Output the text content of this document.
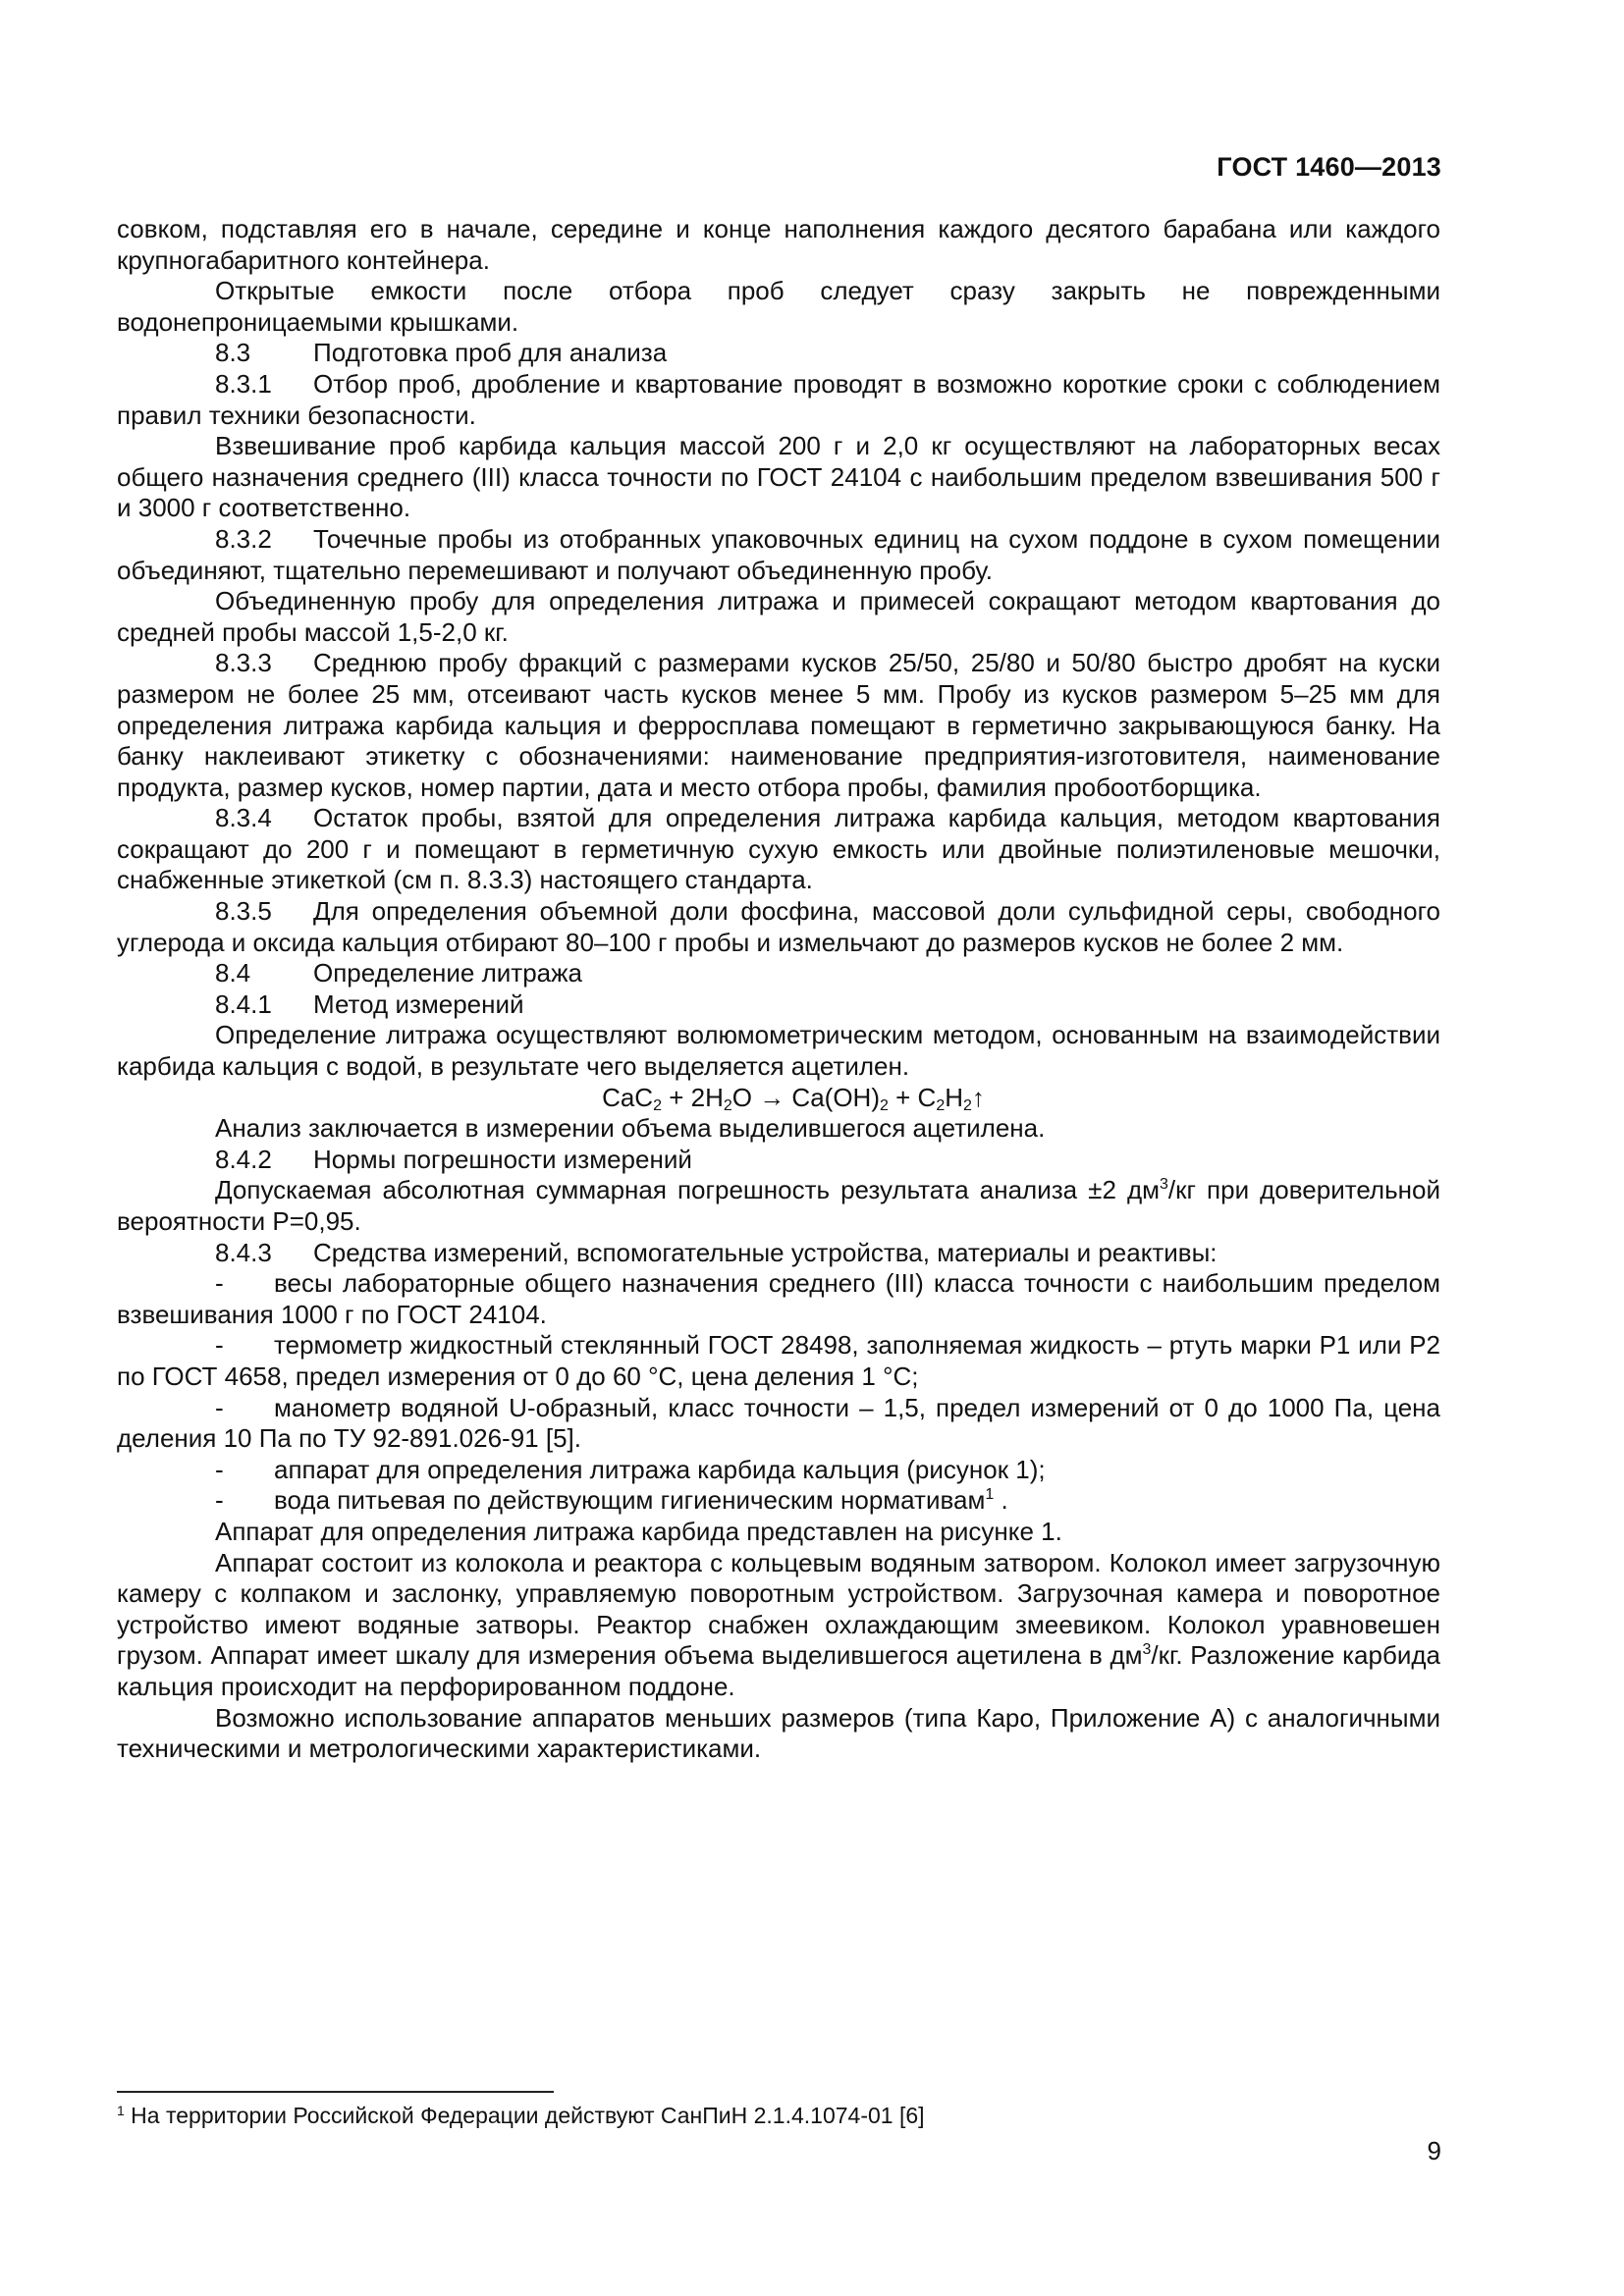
ГОСТ 1460—2013

совком, подставляя его в начале, середине и конце наполнения каждого десятого барабана или каждого крупногабаритного контейнера.

Открытые емкости после отбора проб следует сразу закрыть не поврежденными водонепроницаемыми крышками.

8.3 Подготовка проб для анализа

8.3.1 Отбор проб, дробление и квартование проводят в возможно короткие сроки с соблюдением правил техники безопасности.

Взвешивание проб карбида кальция массой 200 г и 2,0 кг осуществляют на лабораторных весах общего назначения среднего (III) класса точности по ГОСТ 24104 с наибольшим пределом взвешивания 500 г и 3000 г соответственно.

8.3.2 Точечные пробы из отобранных упаковочных единиц на сухом поддоне в сухом помещении объединяют, тщательно перемешивают и получают объединенную пробу.

Объединенную пробу для определения литража и примесей сокращают методом квартования до средней пробы массой 1,5-2,0 кг.

8.3.3 Среднюю пробу фракций с размерами кусков 25/50, 25/80 и 50/80 быстро дробят на куски размером не более 25 мм, отсеивают часть кусков менее 5 мм. Пробу из кусков размером 5–25 мм для определения литража карбида кальция и ферросплава помещают в герметично закрывающуюся банку. На банку наклеивают этикетку с обозначениями: наименование предприятия-изготовителя, наименование продукта, размер кусков, номер партии, дата и место отбора пробы, фамилия пробоотборщика.

8.3.4 Остаток пробы, взятой для определения литража карбида кальция, методом квартования сокращают до 200 г и помещают в герметичную сухую емкость или двойные полиэтиленовые мешочки, снабженные этикеткой (см п. 8.3.3) настоящего стандарта.

8.3.5 Для определения объемной доли фосфина, массовой доли сульфидной серы, свободного углерода и оксида кальция отбирают 80–100 г пробы и измельчают до размеров кусков не более 2 мм.

8.4 Определение литража

8.4.1 Метод измерений

Определение литража осуществляют волюмометрическим методом, основанным на взаимодействии карбида кальция с водой, в результате чего выделяется ацетилен.

$CaC_2 + 2H_2O \to Ca(OH)_2$ + $C_2H_2↑$

Анализ заключается в измерении объема выделившегося ацетилена.

8.4.2 Нормы погрешности измерений

Допускаемая абсолютная суммарная погрешность результата анализа ±2 $дм^3/кг$ при доверительной вероятности P=0,95.

8.4.3 Средства измерений, вспомогательные устройства, материалы и реактивы:

- весы лабораторные общего назначения среднего (III) класса точности с наибольшим пределом взвешивания 1000 г по ГОСТ 24104.

- термометр жидкостный стеклянный ГОСТ 28498, заполняемая жидкость – ртуть марки Р1 или Р2 по ГОСТ 4658, предел измерения от 0 до 60 °С, цена деления 1 °С;

- манометр водяной U-образный, класс точности – 1,5, предел измерений от 0 до 1000 Па, цена деления 10 Па по ТУ 92-891.026-91 [5].

- аппарат для определения литража карбида кальция (рисунок 1);

- вода питьевая по действующим гигиеническим нормативам$^1$ .

Аппарат для определения литража карбида представлен на рисунке 1.

Аппарат состоит из колокола и реактора с кольцевым водяным затвором. Колокол имеет загрузочную камеру с колпаком и заслонку, управляемую поворотным устройством. Загрузочная камера и поворотное устройство имеют водяные затворы. Реактор снабжен охлаждающим змеевиком. Колокол уравновешен грузом. Аппарат имеет шкалу для измерения объема выделившегося ацетилена в $дм^3/кг$. Разложение карбида кальция происходит на перфорированном поддоне.

Возможно использование аппаратов меньших размеров (типа Каро, Приложение А) с аналогичными техническими и метрологическими характеристиками.

$^1$ На территории Российской Федерации действуют СанПиН 2.1.4.1074-01 [6]
9
